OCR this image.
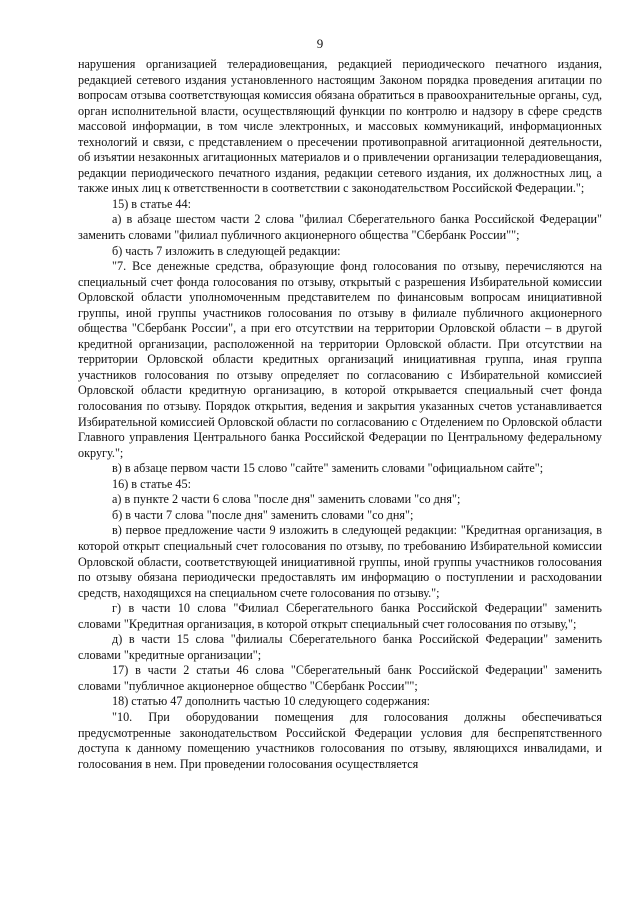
9

нарушения организацией телерадиовещания, редакцией периодического печатного издания, редакцией сетевого издания установленного настоящим Законом порядка проведения агитации по вопросам отзыва соответствующая комиссия обязана обратиться в правоохранительные органы, суд, орган исполнительной власти, осуществляющий функции по контролю и надзору в сфере средств массовой информации, в том числе электронных, и массовых коммуникаций, информационных технологий и связи, с представлением о пресечении противоправной агитационной деятельности, об изъятии незаконных агитационных материалов и о привлечении организации телерадиовещания, редакции периодического печатного издания, редакции сетевого издания, их должностных лиц, а также иных лиц к ответственности в соответствии с законодательством Российской Федерации.";

15) в статье 44:

а) в абзаце шестом части 2 слова "филиал Сберегательного банка Российской Федерации" заменить словами "филиал публичного акционерного общества "Сбербанк России"";

б) часть 7 изложить в следующей редакции:

"7. Все денежные средства, образующие фонд голосования по отзыву, перечисляются на специальный счет фонда голосования по отзыву, открытый с разрешения Избирательной комиссии Орловской области уполномоченным представителем по финансовым вопросам инициативной группы, иной группы участников голосования по отзыву в филиале публичного акционерного общества "Сбербанк России", а при его отсутствии на территории Орловской области – в другой кредитной организации, расположенной на территории Орловской области. При отсутствии на территории Орловской области кредитных организаций инициативная группа, иная группа участников голосования по отзыву определяет по согласованию с Избирательной комиссией Орловской области кредитную организацию, в которой открывается специальный счет фонда голосования по отзыву. Порядок открытия, ведения и закрытия указанных счетов устанавливается Избирательной комиссией Орловской области по согласованию с Отделением по Орловской области Главного управления Центрального банка Российской Федерации по Центральному федеральному округу.";

в) в абзаце первом части 15 слово "сайте" заменить словами "официальном сайте";

16) в статье 45:

а) в пункте 2 части 6 слова "после дня" заменить словами "со дня";

б) в части 7 слова "после дня" заменить словами "со дня";

в) первое предложение части 9 изложить в следующей редакции: "Кредитная организация, в которой открыт специальный счет голосования по отзыву, по требованию Избирательной комиссии Орловской области, соответствующей инициативной группы, иной группы участников голосования по отзыву обязана периодически предоставлять им информацию о поступлении и расходовании средств, находящихся на специальном счете голосования по отзыву.";

г) в части 10 слова "Филиал Сберегательного банка Российской Федерации" заменить словами "Кредитная организация, в которой открыт специальный счет голосования по отзыву,";

д) в части 15 слова "филиалы Сберегательного банка Российской Федерации" заменить словами "кредитные организации";

17) в части 2 статьи 46 слова "Сберегательный банк Российской Федерации" заменить словами "публичное акционерное общество "Сбербанк России"";

18) статью 47 дополнить частью 10 следующего содержания:

"10. При оборудовании помещения для голосования должны обеспечиваться предусмотренные законодательством Российской Федерации условия для беспрепятственного доступа к данному помещению участников голосования по отзыву, являющихся инвалидами, и голосования в нем. При проведении голосования осуществляется
